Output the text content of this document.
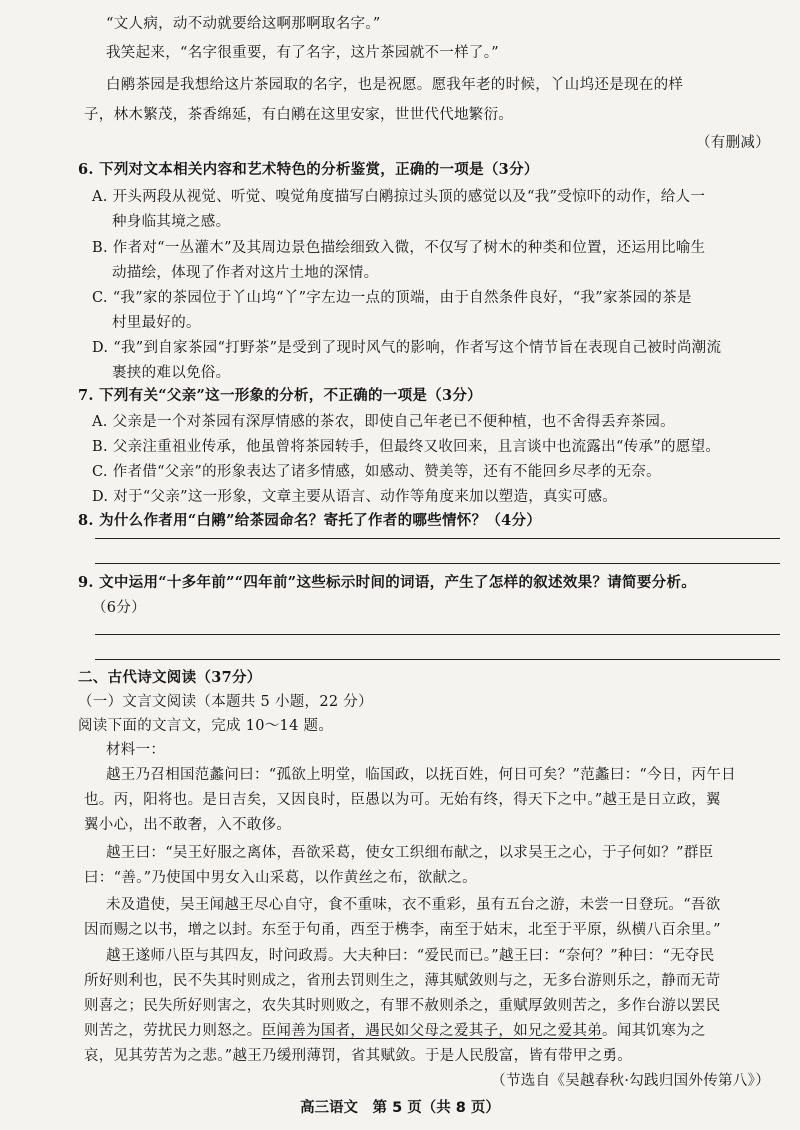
“文人病，动不动就要给这啊那啊取名字。”
我笑起来，“名字很重要，有了名字，这片茶园就不一样了。”
白鹇茶园是我想给这片茶园取的名字，也是祝愿。愿我年老的时候，丫山坞还是现在的样
子，林木繁茂，茶香绵延，有白鹇在这里安家，世世代代地繁衍。
（有删减）
6. 下列对文本相关内容和艺术特色的分析鉴赏，正确的一项是（3分）
A. 开头两段从视觉、听觉、嗅觉角度描写白鹇掠过头顶的感觉以及“我”受惊吓的动作，给人一
种身临其境之感。
B. 作者对“一丛灌木”及其周边景色描绘细致入微，不仅写了树木的种类和位置，还运用比喻生
动描绘，体现了作者对这片土地的深情。
C. “我”家的茶园位于丫山坞“丫”字左边一点的顶端，由于自然条件良好，“我”家茶园的茶是
村里最好的。
D. “我”到自家茶园“打野茶”是受到了现时风气的影响，作者写这个情节旨在表现自己被时尚潮流
裹挟的难以免俗。
7. 下列有关“父亲”这一形象的分析，不正确的一项是（3分）
A. 父亲是一个对茶园有深厚情感的茶农，即使自己年老已不便种植，也不舍得丢弃茶园。
B. 父亲注重祖业传承，他虽曾将茶园转手，但最终又收回来，且言谈中也流露出“传承”的愿望。
C. 作者借“父亲”的形象表达了诸多情感，如感动、赞美等，还有不能回乡尽孝的无奈。
D. 对于“父亲”这一形象，文章主要从语言、动作等角度来加以塑造，真实可感。
8. 为什么作者用“白鹇”给茶园命名？寄托了作者的哪些情怀？（4分）
9. 文中运用“十多年前”“四年前”这些标示时间的词语，产生了怎样的叙述效果？请简要分析。
（6分）
二、古代诗文阅读（37分）
（一）文言文阅读（本题共 5 小题，22 分）
阅读下面的文言文，完成 10～14 题。
材料一：
越王乃召相国范蠡问曰：“孤欲上明堂，临国政，以抚百姓，何日可矣？”范蠡曰：“今日，丙午日
也。丙，阳将也。是日吉矣，又因良时，臣愚以为可。无始有终，得天下之中。”越王是日立政，翼
翼小心，出不敢奢，入不敢侈。
越王曰：“吴王好服之离体，吾欲采葛，使女工织细布献之，以求吴王之心，于子何如？”群臣
曰：“善。”乃使国中男女入山采葛，以作黄丝之布，欲献之。
未及遣使，吴王闻越王尽心自守，食不重味，衣不重彩，虽有五台之游，未尝一日登玩。“吾欲
因而赐之以书，增之以封。东至于句甬，西至于槜李，南至于姑末，北至于平原，纵横八百余里。”
越王遂师八臣与其四友，时问政焉。大夫种曰：“爱民而已。”越王曰：“奈何？”种曰：“无夺民
所好则利也，民不失其时则成之，省刑去罚则生之，薄其赋敛则与之，无多台游则乐之，静而无苛
则喜之；民失所好则害之，农失其时则败之，有罪不赦则杀之，重赋厚敛则苦之，多作台游以罢民
则苦之，劳扰民力则怒之。臣闻善为国者，遇民如父母之爱其子，如兄之爱其弟。闻其饥寒为之
哀，见其劳苦为之悲。”越王乃缓刑薄罚，省其赋敛。于是人民殷富，皆有带甲之勇。
（节选自《吴越春秋·勾践归国外传第八》）
高三语文　第 5 页（共 8 页）
